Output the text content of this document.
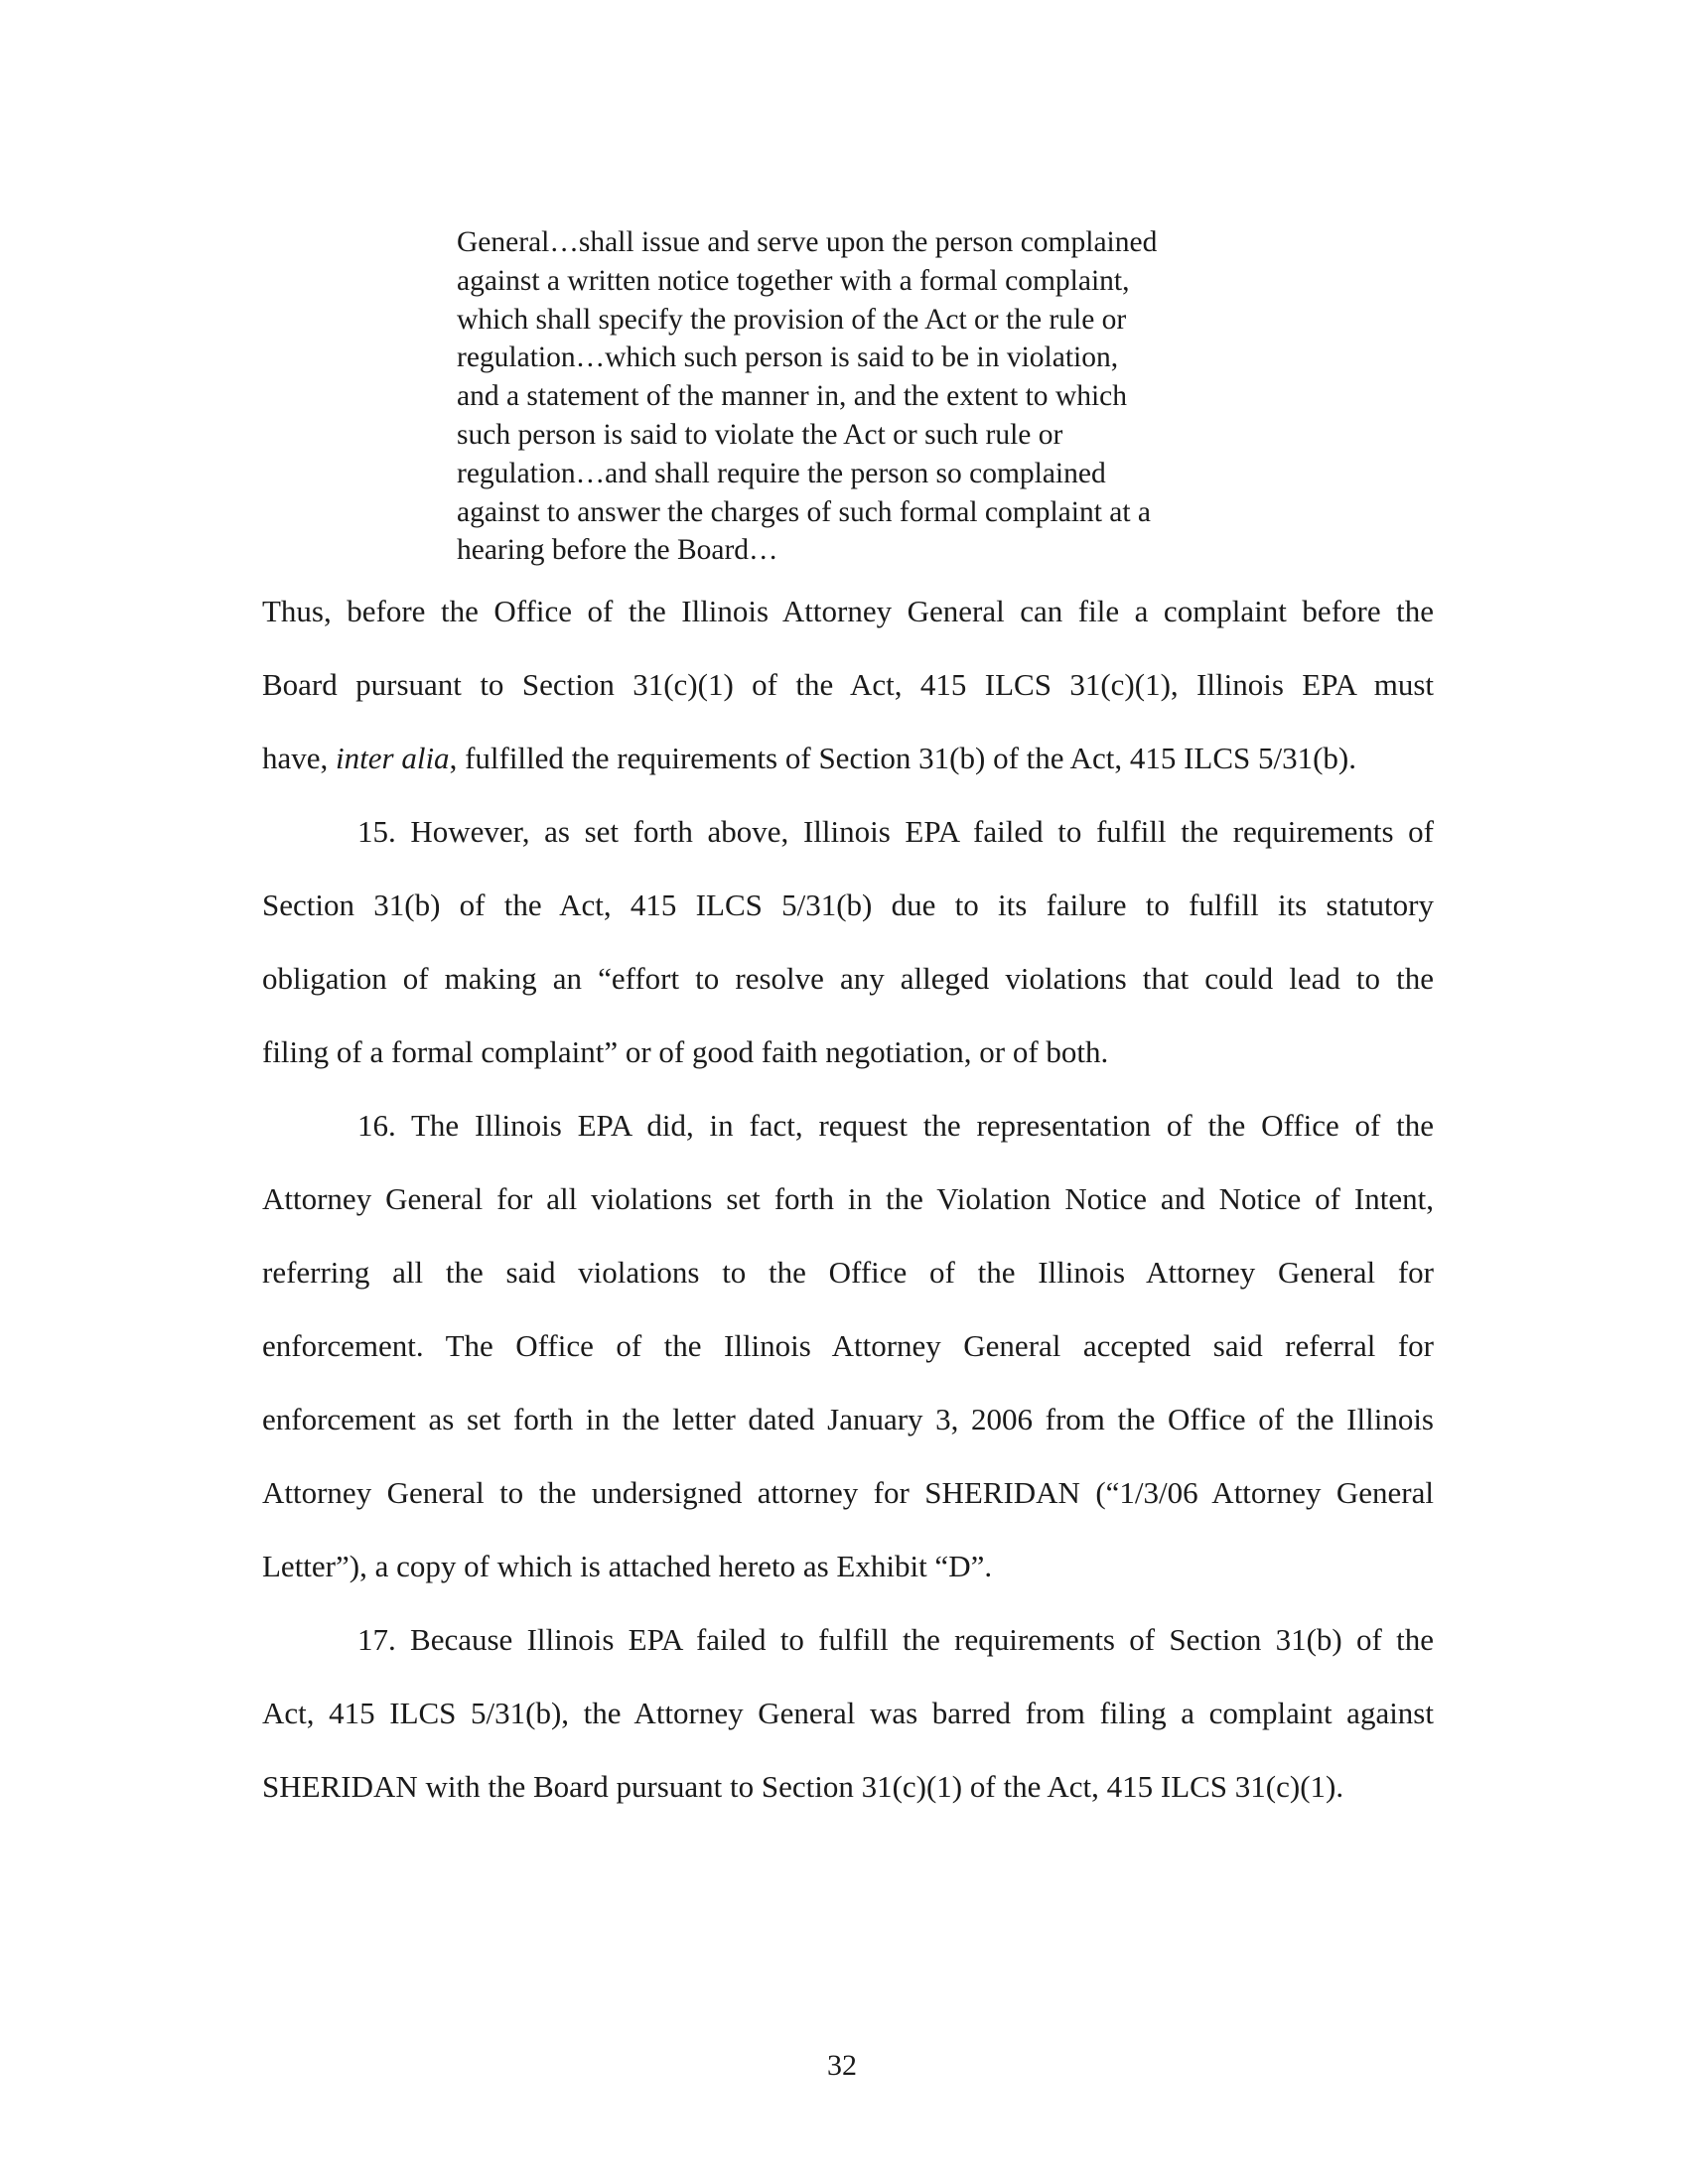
General…shall issue and serve upon the person complained
against a written notice together with a formal complaint,
which shall specify the provision of the Act or the rule or
regulation…which such person is said to be in violation,
and a statement of the manner in, and the extent to which
such person is said to violate the Act or such rule or
regulation…and shall require the person so complained
against to answer the charges of such formal complaint at a
hearing before the Board…
Thus, before the Office of the Illinois Attorney General can file a complaint before the
Board pursuant to Section 31(c)(1) of the Act, 415 ILCS 31(c)(1), Illinois EPA must
have, inter alia, fulfilled the requirements of Section 31(b) of the Act, 415 ILCS 5/31(b).
15. However, as set forth above, Illinois EPA failed to fulfill the requirements of
Section 31(b) of the Act, 415 ILCS 5/31(b) due to its failure to fulfill its statutory
obligation of making an “effort to resolve any alleged violations that could lead to the
filing of a formal complaint” or of good faith negotiation, or of both.
16. The Illinois EPA did, in fact, request the representation of the Office of the
Attorney General for all violations set forth in the Violation Notice and Notice of Intent,
referring all the said violations to the Office of the Illinois Attorney General for
enforcement. The Office of the Illinois Attorney General accepted said referral for
enforcement as set forth in the letter dated January 3, 2006 from the Office of the Illinois
Attorney General to the undersigned attorney for SHERIDAN (“1/3/06 Attorney General
Letter”), a copy of which is attached hereto as Exhibit “D”.
17. Because Illinois EPA failed to fulfill the requirements of Section 31(b) of the
Act, 415 ILCS 5/31(b), the Attorney General was barred from filing a complaint against
SHERIDAN with the Board pursuant to Section 31(c)(1) of the Act, 415 ILCS 31(c)(1).
32
